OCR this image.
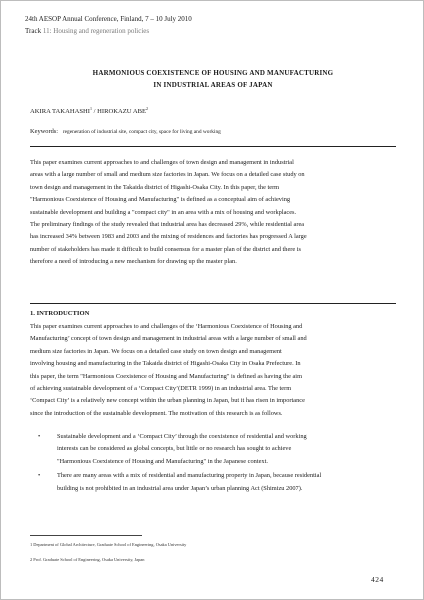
24th AESOP Annual Conference, Finland, 7 – 10 July 2010
Track 11: Housing and regeneration policies
HARMONIOUS COEXISTENCE OF HOUSING AND MANUFACTURING
IN INDUSTRIAL AREAS OF JAPAN
AKIRA TAKAHASHI$^1$ / HIROKAZU ABE$^2$
Keywords: regeneration of industrial site, compact city, space for living and working
This paper examines current approaches to and challenges of town design and management in industrial
areas with a large number of small and medium size factories in Japan. We focus on a detailed case study on
town design and management in the Takaida district of Higashi-Osaka City. In this paper, the term
"Harmonious Coexistence of Housing and Manufacturing" is defined as a conceptual aim of achieving
sustainable development and building a "compact city" in an area with a mix of housing and workplaces.
The preliminary findings of the study revealed that industrial area has decreased 29%, while residential area
has increased 34% between 1983 and 2003 and the mixing of residences and factories has progressed A large
number of stakeholders has made it difficult to build consensus for a master plan of the district and there is
therefore a need of introducing a new mechanism for drawing up the master plan.
1. INTRODUCTION
This paper examines current approaches to and challenges of the ‘Harmonious Coexistence of Housing and
Manufacturing’ concept of town design and management in industrial areas with a large number of small and
medium size factories in Japan. We focus on a detailed case study on town design and management
involving housing and manufacturing in the Takaida district of Higashi-Osaka City in Osaka Prefecture. In
this paper, the term "Harmonious Coexistence of Housing and Manufacturing" is defined as having the aim
of achieving sustainable development of a ‘Compact City’(DETR 1999) in an industrial area. The term
‘Compact City’ is a relatively new concept within the urban planning in Japan, but it has risen in importance
since the introduction of the sustainable development. The motivation of this research is as follows.
•	Sustainable development and a ‘Compact City’ through the coexistence of residential and working
interests can be considered as global concepts, but little or no research has sought to achieve
"Harmonious Coexistence of Housing and Manufacturing" in the Japanese context.
•	There are many areas with a mix of residential and manufacturing property in Japan, because residential
building is not prohibited in an industrial area under Japan’s urban planning Act (Shimizu 2007).
1 Department of Global Architecture, Graduate School of Engineering, Osaka University
2 Prof. Graduate School of Engineering, Osaka University, Japan
424
